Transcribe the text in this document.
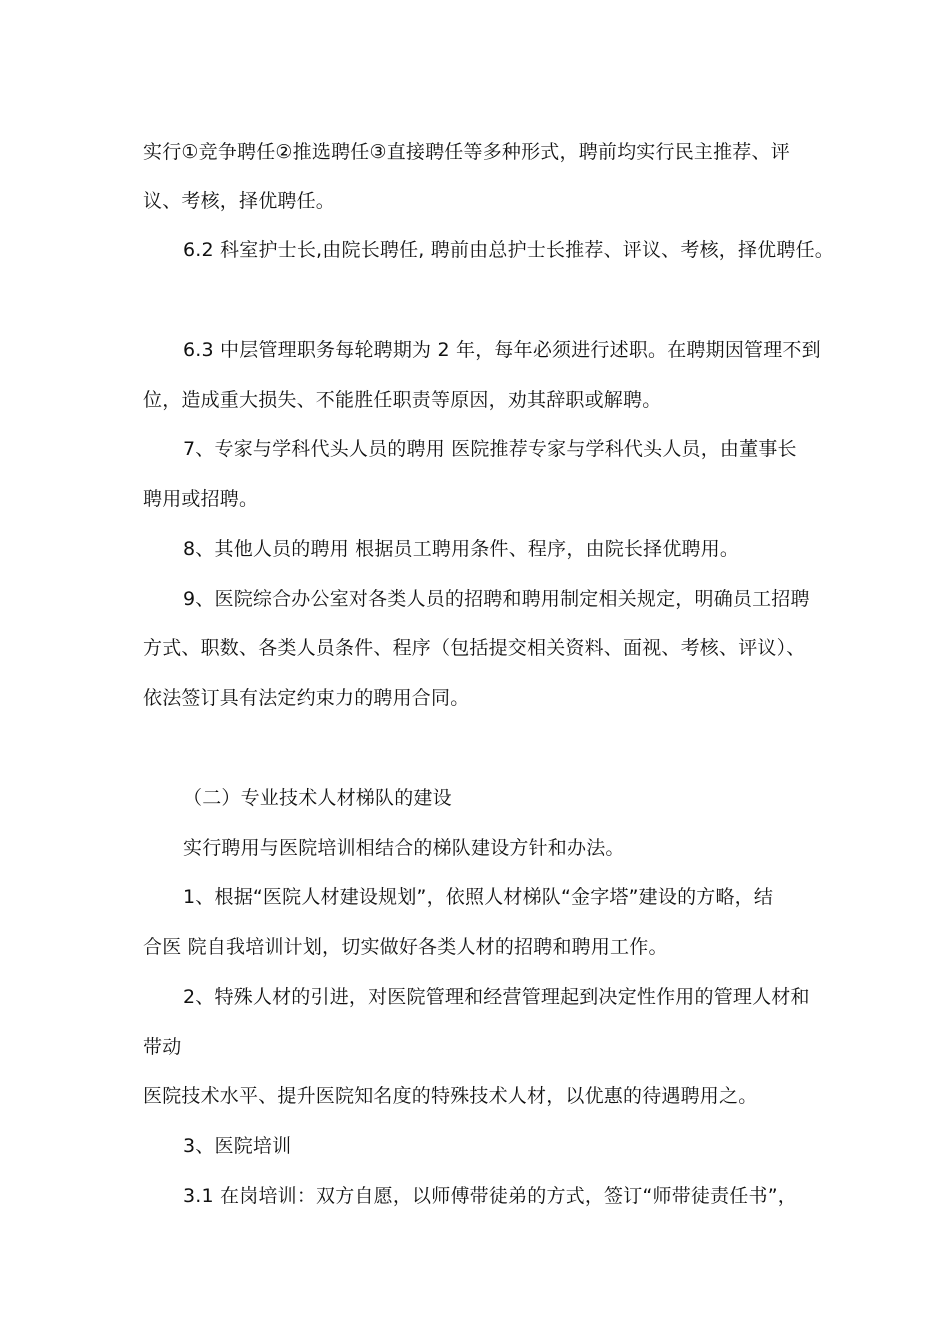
实行①竞争聘任②推选聘任③直接聘任等多种形式，聘前均实行民主推荐、评
议、考核，择优聘任。
6.2 科室护士长,由院长聘任, 聘前由总护士长推荐、评议、考核，择优聘任。
6.3 中层管理职务每轮聘期为 2 年，每年必须进行述职。在聘期因管理不到
位，造成重大损失、不能胜任职责等原因，劝其辞职或解聘。
7、专家与学科代头人员的聘用 医院推荐专家与学科代头人员，由董事长
聘用或招聘。
8、其他人员的聘用 根据员工聘用条件、程序，由院长择优聘用。
9、医院综合办公室对各类人员的招聘和聘用制定相关规定，明确员工招聘
方式、职数、各类人员条件、程序（包括提交相关资料、面视、考核、评议）、
依法签订具有法定约束力的聘用合同。
（二）专业技术人材梯队的建设
实行聘用与医院培训相结合的梯队建设方针和办法。
1、根据“医院人材建设规划”，依照人材梯队“金字塔”建设的方略，结
合医 院自我培训计划，切实做好各类人材的招聘和聘用工作。
2、特殊人材的引进，对医院管理和经营管理起到决定性作用的管理人材和
带动
医院技术水平、提升医院知名度的特殊技术人材，以优惠的待遇聘用之。
3、医院培训
3.1 在岗培训：双方自愿，以师傅带徒弟的方式，签订“师带徒责任书”，
